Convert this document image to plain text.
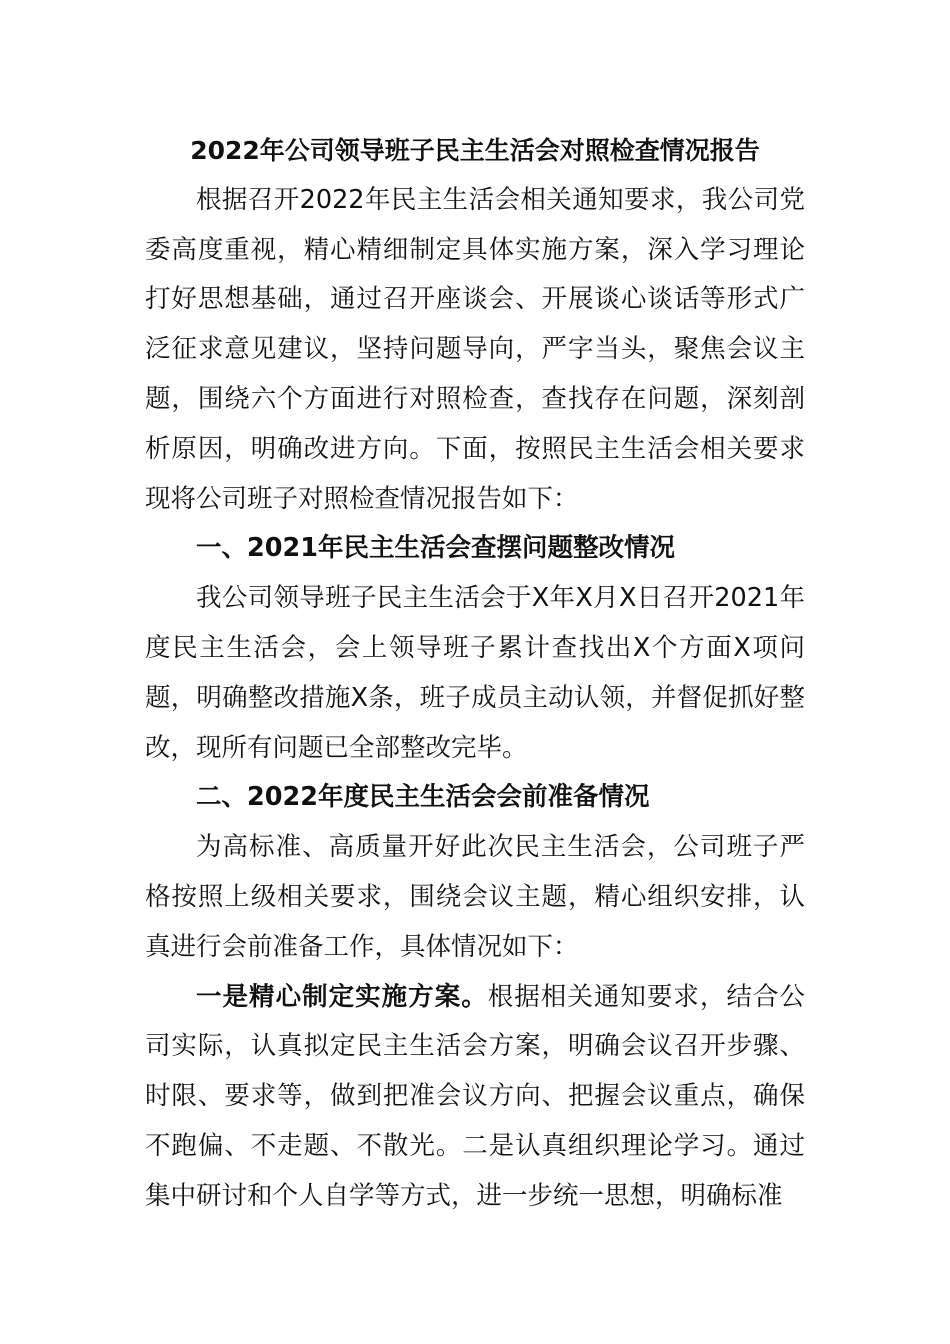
2022年公司领导班子民主生活会对照检查情况报告

根据召开2022年民主生活会相关通知要求，我公司党委高度重视，精心精细制定具体实施方案，深入学习理论打好思想基础，通过召开座谈会、开展谈心谈话等形式广泛征求意见建议，坚持问题导向，严字当头，聚焦会议主题，围绕六个方面进行对照检查，查找存在问题，深刻剖析原因，明确改进方向。下面，按照民主生活会相关要求现将公司班子对照检查情况报告如下：

一、2021年民主生活会查摆问题整改情况

我公司领导班子民主生活会于X年X月X日召开2021年度民主生活会，会上领导班子累计查找出X个方面X项问题，明确整改措施X条，班子成员主动认领，并督促抓好整改，现所有问题已全部整改完毕。

二、2022年度民主生活会会前准备情况

为高标准、高质量开好此次民主生活会，公司班子严格按照上级相关要求，围绕会议主题，精心组织安排，认真进行会前准备工作，具体情况如下：

一是精心制定实施方案。根据相关通知要求，结合公司实际，认真拟定民主生活会方案，明确会议召开步骤、时限、要求等，做到把准会议方向、把握会议重点，确保不跑偏、不走题、不散光。二是认真组织理论学习。通过集中研讨和个人自学等方式，进一步统一思想，明确标准
